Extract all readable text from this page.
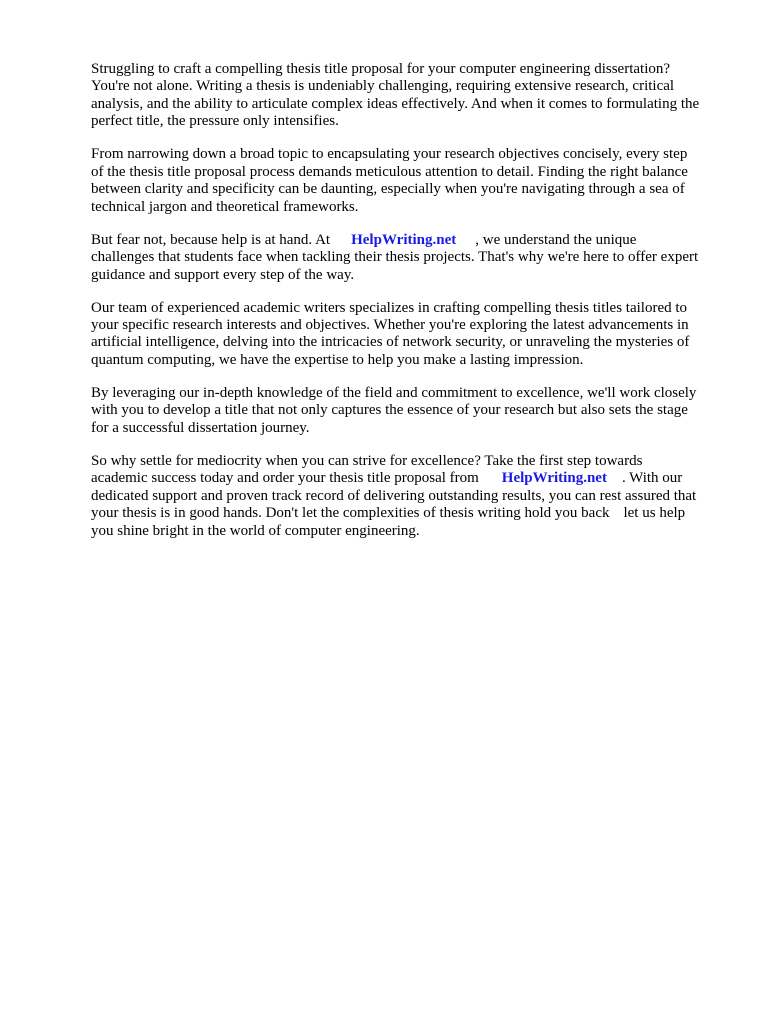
Struggling to craft a compelling thesis title proposal for your computer engineering dissertation?
You're not alone. Writing a thesis is undeniably challenging, requiring extensive research, critical
analysis, and the ability to articulate complex ideas effectively. And when it comes to formulating the
perfect title, the pressure only intensifies.

From narrowing down a broad topic to encapsulating your research objectives concisely, every step
of the thesis title proposal process demands meticulous attention to detail. Finding the right balance
between clarity and specificity can be daunting, especially when you're navigating through a sea of
technical jargon and theoretical frameworks.

But fear not, because help is at hand. At HelpWriting.net , we understand the unique
challenges that students face when tackling their thesis projects. That's why we're here to offer expert
guidance and support every step of the way.

Our team of experienced academic writers specializes in crafting compelling thesis titles tailored to
your specific research interests and objectives. Whether you're exploring the latest advancements in
artificial intelligence, delving into the intricacies of network security, or unraveling the mysteries of
quantum computing, we have the expertise to help you make a lasting impression.

By leveraging our in-depth knowledge of the field and commitment to excellence, we'll work closely
with you to develop a title that not only captures the essence of your research but also sets the stage
for a successful dissertation journey.

So why settle for mediocrity when you can strive for excellence? Take the first step towards
academic success today and order your thesis title proposal from HelpWriting.net . With our
dedicated support and proven track record of delivering outstanding results, you can rest assured that
your thesis is in good hands. Don't let the complexities of thesis writing hold you back let us help
you shine bright in the world of computer engineering.
